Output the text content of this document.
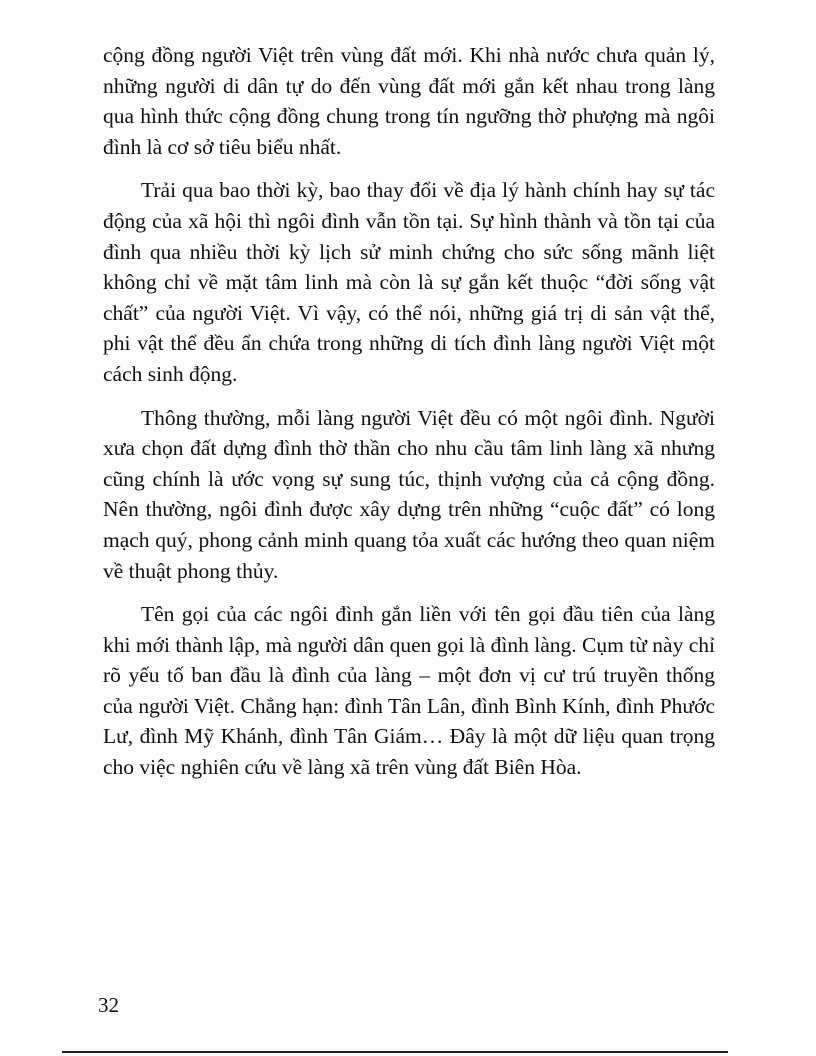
cộng đồng người Việt trên vùng đất mới. Khi nhà nước chưa quản lý, những người di dân tự do đến vùng đất mới gắn kết nhau trong làng qua hình thức cộng đồng chung trong tín ngưỡng thờ phượng mà ngôi đình là cơ sở tiêu biểu nhất.

Trải qua bao thời kỳ, bao thay đổi về địa lý hành chính hay sự tác động của xã hội thì ngôi đình vẫn tồn tại. Sự hình thành và tồn tại của đình qua nhiều thời kỳ lịch sử minh chứng cho sức sống mãnh liệt không chỉ về mặt tâm linh mà còn là sự gắn kết thuộc “đời sống vật chất” của người Việt. Vì vậy, có thể nói, những giá trị di sản vật thể, phi vật thể đều ẩn chứa trong những di tích đình làng người Việt một cách sinh động.

Thông thường, mỗi làng người Việt đều có một ngôi đình. Người xưa chọn đất dựng đình thờ thần cho nhu cầu tâm linh làng xã nhưng cũng chính là ước vọng sự sung túc, thịnh vượng của cả cộng đồng. Nên thường, ngôi đình được xây dựng trên những “cuộc đất” có long mạch quý, phong cảnh minh quang tỏa xuất các hướng theo quan niệm về thuật phong thủy.

Tên gọi của các ngôi đình gắn liền với tên gọi đầu tiên của làng khi mới thành lập, mà người dân quen gọi là đình làng. Cụm từ này chỉ rõ yếu tố ban đầu là đình của làng – một đơn vị cư trú truyền thống của người Việt. Chẳng hạn: đình Tân Lân, đình Bình Kính, đình Phước Lư, đình Mỹ Khánh, đình Tân Giám… Đây là một dữ liệu quan trọng cho việc nghiên cứu về làng xã trên vùng đất Biên Hòa.

32
